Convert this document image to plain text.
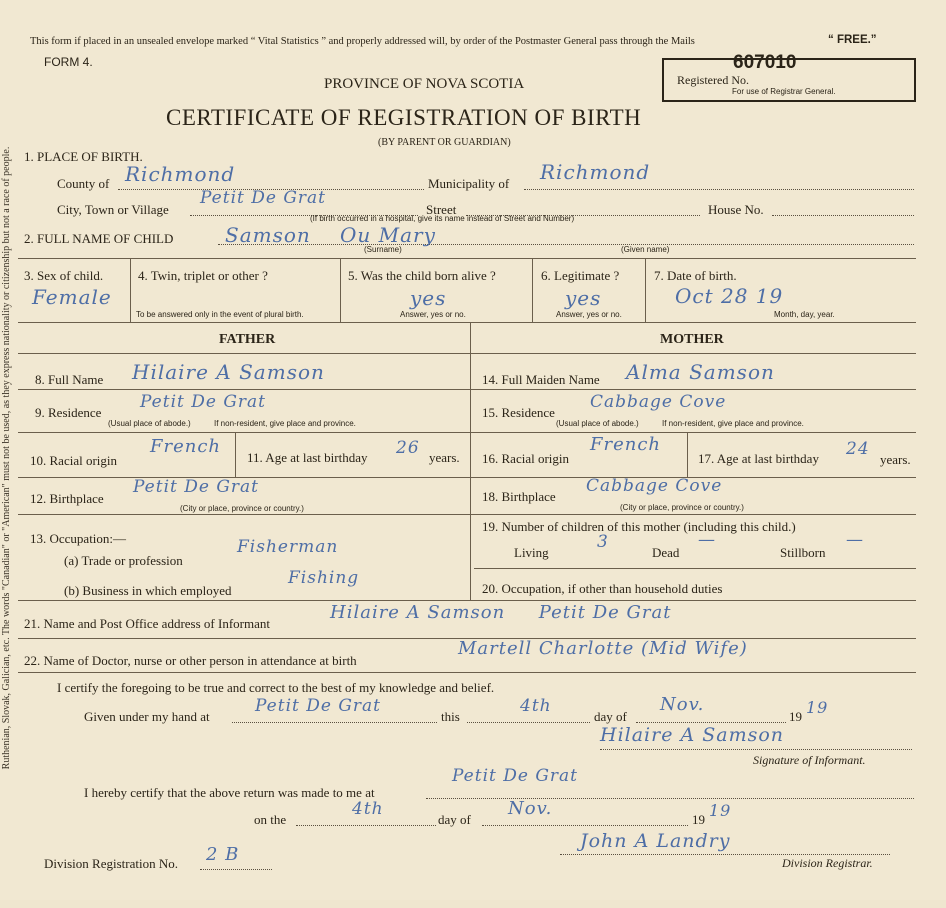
Ruthenian, Slovak, Galician, etc. The words "Canadian" or "American" must not be used, as they express nationality or citizenship but not a race of people.
This form if placed in an unsealed envelope marked “ Vital Statistics ” and properly addressed will, by order of the Postmaster General pass through the Mails	“ FREE.”
FORM 4.
PROVINCE OF NOVA SCOTIA
CERTIFICATE OF REGISTRATION OF BIRTH
(BY PARENT OR GUARDIAN)
Registered No.
607010
For use of Registrar General.
1. PLACE OF BIRTH.
County of Richmond	Municipality of Richmond
City, Town or Village
Petit De Grat
Street	House No.
(If birth occurred in a hospital, give its name instead of Street and Number)
2. FULL NAME OF CHILD	Samson Ou Mary
(Surname)	(Given name)
3. Sex of child.
Female
4. Twin, triplet or other ?
To be answered only in the event of plural birth.
5. Was the child born alive ?
yes
Answer, yes or no.
6. Legitimate ?
yes
Answer, yes or no.
7. Date of birth.
Oct 28 19
Month, day, year.
FATHER	MOTHER
8. Full Name Hilaire A Samson	14. Full Maiden Name Alma Samson
9. Residence
Petit De Grat
(Usual place of abode.)	If non-resident, give place and province.
15. Residence
Cabbage Cove
(Usual place of abode.)	If non-resident, give place and province.
10. Racial origin
French
11. Age at last birthday 26 years. 16. Racial origin
French
17. Age at last birthday 24
years.
12. Birthplace
Petit De Grat
(City or place, province or country.)
18. Birthplace
Cabbage Cove
(City or place, province or country.)
13. Occupation:—
(a) Trade or profession
Fisherman
(b) Business in which employed
Fishing
19. Number of children of this mother (including this child.)
Living
3
Dead
—
Stillborn
—
20. Occupation, if other than household duties
21. Name and Post Office address of Informant
Hilaire A Samson     Petit De Grat
22. Name of Doctor, nurse or other person in attendance at birth
Martell Charlotte (Mid Wife)
I certify the foregoing to be true and correct to the best of my knowledge and belief.
Given under my hand at
Petit De Grat
this
4th
day of
Nov.
19 19
Hilaire A Samson
Signature of Informant.
I hereby certify that the above return was made to me at
Petit De Grat
on the
4th
day of
Nov.
19 19
Division Registration No. 2 B
John A Landry
Division Registrar.
